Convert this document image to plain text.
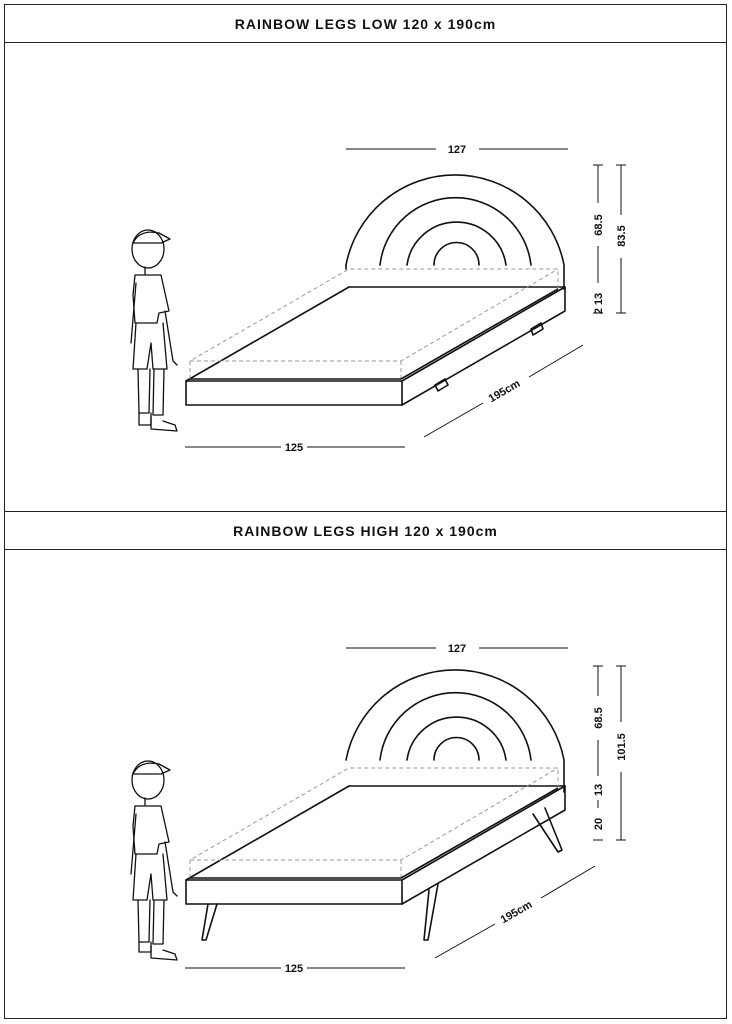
RAINBOW LEGS LOW 120 x 190cm
127
68.5
13
2
83.5
195cm
125
RAINBOW LEGS HIGH 120 x 190cm
127
68.5
13
20
101.5
195cm
125
